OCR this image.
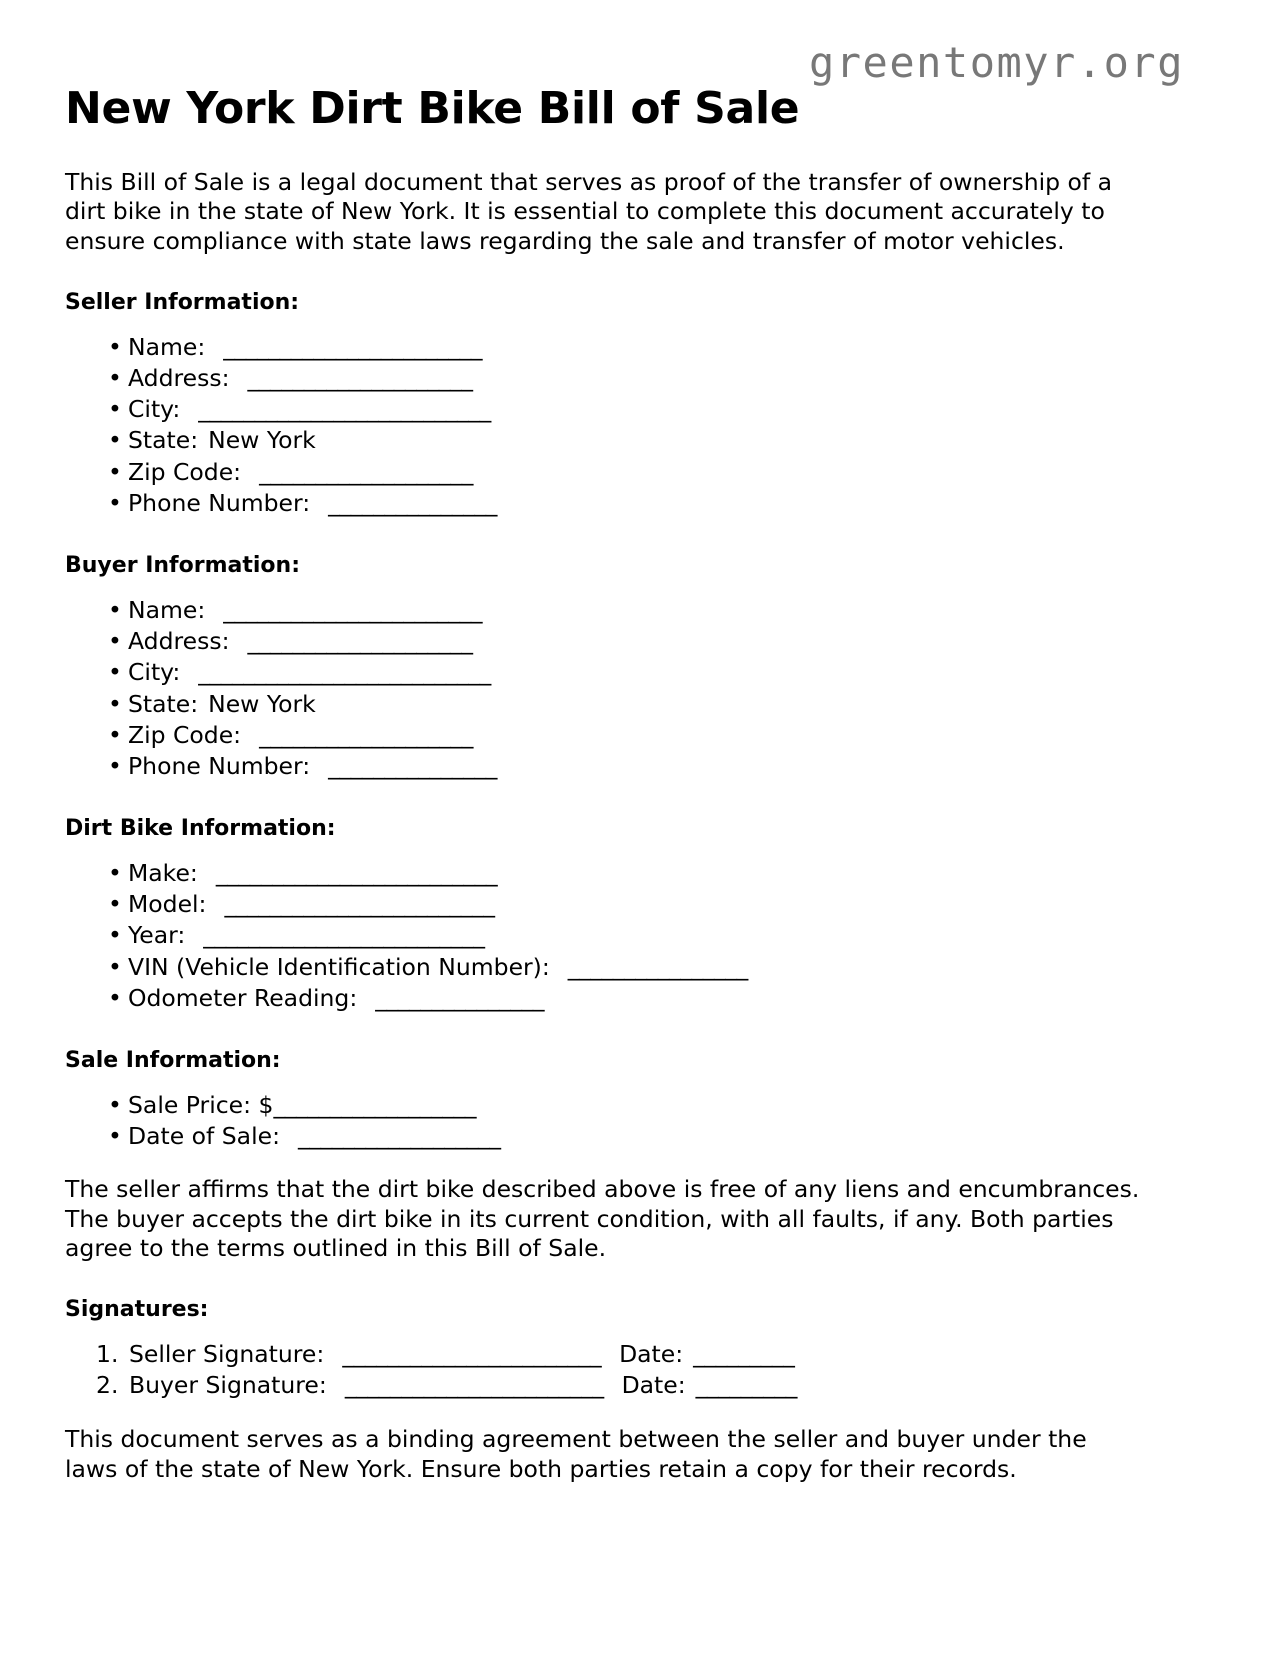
greentomyr.org
New York Dirt Bike Bill of Sale

This Bill of Sale is a legal document that serves as proof of the transfer of ownership of a dirt bike in the state of New York. It is essential to complete this document accurately to ensure compliance with state laws regarding the sale and transfer of motor vehicles.

Seller Information:
• Name: _______________________
• Address: ____________________
• City: __________________________
• State: New York
• Zip Code: ___________________
• Phone Number: _______________
Buyer Information:
• Name: _______________________
• Address: ____________________
• City: __________________________
• State: New York
• Zip Code: ___________________
• Phone Number: _______________
Dirt Bike Information:
• Make: _________________________
• Model: ________________________
• Year: _________________________
• VIN (Vehicle Identification Number): ________________
• Odometer Reading: _______________
Sale Information:
• Sale Price: $__________________
• Date of Sale: __________________

The seller affirms that the dirt bike described above is free of any liens and encumbrances. The buyer accepts the dirt bike in its current condition, with all faults, if any. Both parties agree to the terms outlined in this Bill of Sale.

Signatures:
Seller Signature: _______________________ Date: _________
Buyer Signature: _______________________ Date: _________

This document serves as a binding agreement between the seller and buyer under the laws of the state of New York. Ensure both parties retain a copy for their records.
